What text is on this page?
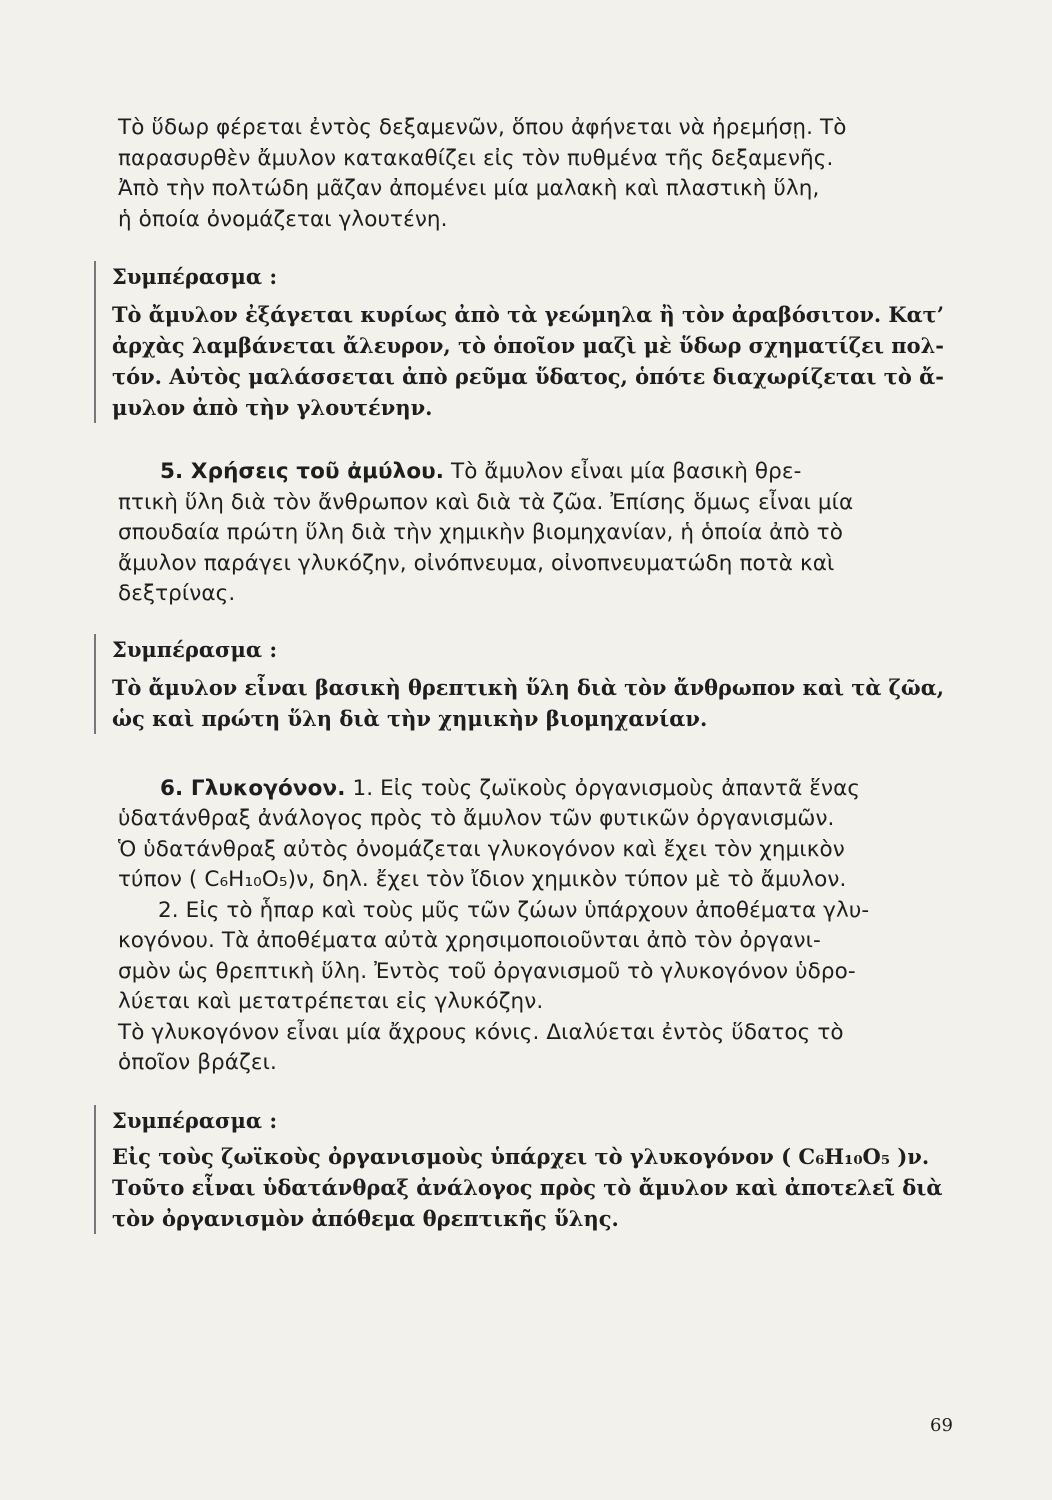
Τὸ ὕδωρ φέρεται ἐντὸς δεξαμενῶν, ὅπου ἀφήνεται νὰ ἠρεμήσῃ. Τὸ
παρασυρθὲν ἄμυλον κατακαθίζει εἰς τὸν πυθμένα τῆς δεξαμενῆς.
Ἀπὸ τὴν πολτώδη μᾶζαν ἀπομένει μία μαλακὴ καὶ πλαστικὴ ὕλη,
ἡ ὁποία ὀνομάζεται γλουτένη.
Συμπέρασμα :
Τὸ ἄμυλον ἐξάγεται κυρίως ἀπὸ τὰ γεώμηλα ἢ τὸν ἀραβόσιτον. Κατ’
ἀρχὰς λαμβάνεται ἄλευρον, τὸ ὁποῖον μαζὶ μὲ ὕδωρ σχηματίζει πολ-
τόν. Αὐτὸς μαλάσσεται ἀπὸ ρεῦμα ὕδατος, ὁπότε διαχωρίζεται τὸ ἄ-
μυλον ἀπὸ τὴν γλουτένην.
5. Χρήσεις τοῦ ἀμύλου. Τὸ ἄμυλον εἶναι μία βασικὴ θρε-
πτικὴ ὕλη διὰ τὸν ἄνθρωπον καὶ διὰ τὰ ζῶα. Ἐπίσης ὅμως εἶναι μία
σπουδαία πρώτη ὕλη διὰ τὴν χημικὴν βιομηχανίαν, ἡ ὁποία ἀπὸ τὸ
ἄμυλον παράγει γλυκόζην, οἰνόπνευμα, οἰνοπνευματώδη ποτὰ καὶ
δεξτρίνας.
Συμπέρασμα :
Τὸ ἄμυλον εἶναι βασικὴ θρεπτικὴ ὕλη διὰ τὸν ἄνθρωπον καὶ τὰ ζῶα,
ὡς καὶ πρώτη ὕλη διὰ τὴν χημικὴν βιομηχανίαν.
6. Γλυκογόνον. 1. Εἰς τοὺς ζωϊκοὺς ὀργανισμοὺς ἀπαντᾶ ἕνας
ὑδατάνθραξ ἀνάλογος πρὸς τὸ ἄμυλον τῶν φυτικῶν ὀργανισμῶν.
Ὁ ὑδατάνθραξ αὐτὸς ὀνομάζεται γλυκογόνον καὶ ἔχει τὸν χημικὸν
τύπον ( C₆H₁₀O₅)ν, δηλ. ἔχει τὸν ἴδιον χημικὸν τύπον μὲ τὸ ἄμυλον.
2. Εἰς τὸ ἧπαρ καὶ τοὺς μῦς τῶν ζώων ὑπάρχουν ἀποθέματα γλυ-
κογόνου. Τὰ ἀποθέματα αὐτὰ χρησιμοποιοῦνται ἀπὸ τὸν ὀργανι-
σμὸν ὡς θρεπτικὴ ὕλη. Ἐντὸς τοῦ ὀργανισμοῦ τὸ γλυκογόνον ὑδρο-
λύεται καὶ μετατρέπεται εἰς γλυκόζην.
Τὸ γλυκογόνον εἶναι μία ἄχρους κόνις. Διαλύεται ἐντὸς ὕδατος τὸ
ὁποῖον βράζει.
Συμπέρασμα :
Εἰς τοὺς ζωϊκοὺς ὀργανισμοὺς ὑπάρχει τὸ γλυκογόνον ( C₆H₁₀O₅ )ν.
Τοῦτο εἶναι ὑδατάνθραξ ἀνάλογος πρὸς τὸ ἄμυλον καὶ ἀποτελεῖ διὰ
τὸν ὀργανισμὸν ἀπόθεμα θρεπτικῆς ὕλης.
69
